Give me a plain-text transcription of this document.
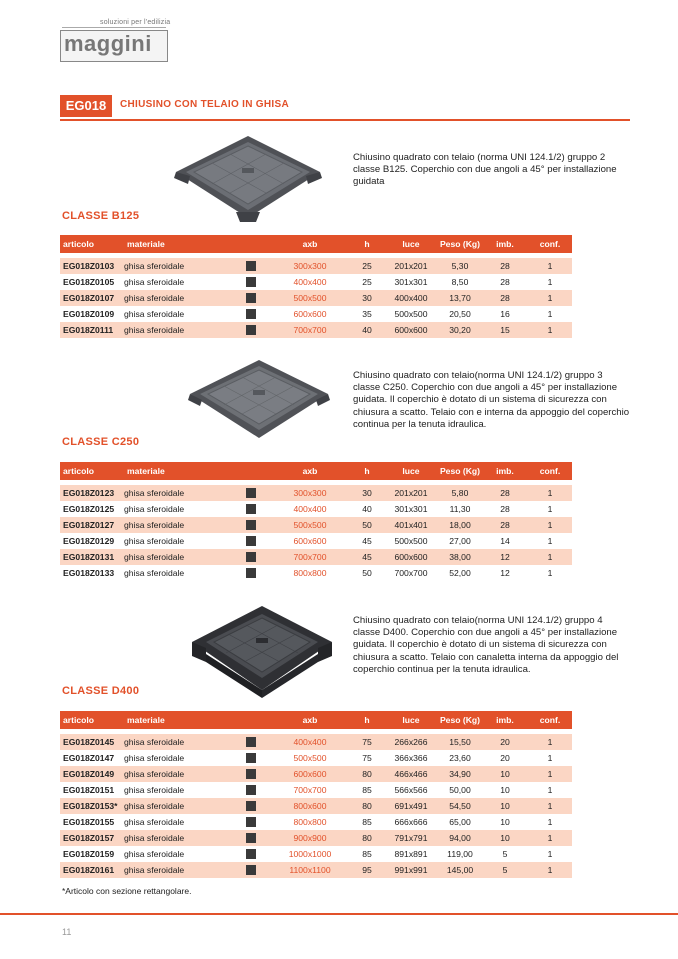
soluzioni per l'edilizia
maggini
EG018	CHIUSINO CON TELAIO IN GHISA
Chiusino quadrato con telaio (norma UNI 124.1/2) gruppo 2 classe B125. Coperchio con due angoli a 45° per installazione guidata
CLASSE B125
articolo	materiale		axb	h	luce	Peso (Kg)	imb.	conf.
EG018Z0103	ghisa sferoidale		300x300	25	201x201	5,30	28	1
EG018Z0105	ghisa sferoidale		400x400	25	301x301	8,50	28	1
EG018Z0107	ghisa sferoidale		500x500	30	400x400	13,70	28	1
EG018Z0109	ghisa sferoidale		600x600	35	500x500	20,50	16	1
EG018Z0111	ghisa sferoidale		700x700	40	600x600	30,20	15	1
Chiusino quadrato con telaio(norma UNI 124.1/2) gruppo 3 classe C250. Coperchio con due angoli a 45° per installazione guidata. Il coperchio è dotato di un sistema di sicurezza con chiusura a scatto. Telaio con e interna da appoggio del coperchio continua per la tenuta idraulica.
CLASSE C250
articolo	materiale		axb	h	luce	Peso (Kg)	imb.	conf.
EG018Z0123	ghisa sferoidale		300x300	30	201x201	5,80	28	1
EG018Z0125	ghisa sferoidale		400x400	40	301x301	11,30	28	1
EG018Z0127	ghisa sferoidale		500x500	50	401x401	18,00	28	1
EG018Z0129	ghisa sferoidale		600x600	45	500x500	27,00	14	1
EG018Z0131	ghisa sferoidale		700x700	45	600x600	38,00	12	1
EG018Z0133	ghisa sferoidale		800x800	50	700x700	52,00	12	1
Chiusino quadrato con telaio(norma UNI 124.1/2) gruppo 4 classe D400. Coperchio con due angoli a 45° per installazione guidata. Il coperchio è dotato di un sistema di sicurezza con chiusura a scatto. Telaio con canaletta interna da appoggio del coperchio continua per la tenuta idraulica.
CLASSE D400
articolo	materiale		axb	h	luce	Peso (Kg)	imb.	conf.
EG018Z0145	ghisa sferoidale		400x400	75	266x266	15,50	20	1
EG018Z0147	ghisa sferoidale		500x500	75	366x366	23,60	20	1
EG018Z0149	ghisa sferoidale		600x600	80	466x466	34,90	10	1
EG018Z0151	ghisa sferoidale		700x700	85	566x566	50,00	10	1
EG018Z0153*	ghisa sferoidale		800x600	80	691x491	54,50	10	1
EG018Z0155	ghisa sferoidale		800x800	85	666x666	65,00	10	1
EG018Z0157	ghisa sferoidale		900x900	80	791x791	94,00	10	1
EG018Z0159	ghisa sferoidale		1000x1000	85	891x891	119,00	5	1
EG018Z0161	ghisa sferoidale		1100x1100	95	991x991	145,00	5	1
*Articolo con sezione rettangolare.
11
